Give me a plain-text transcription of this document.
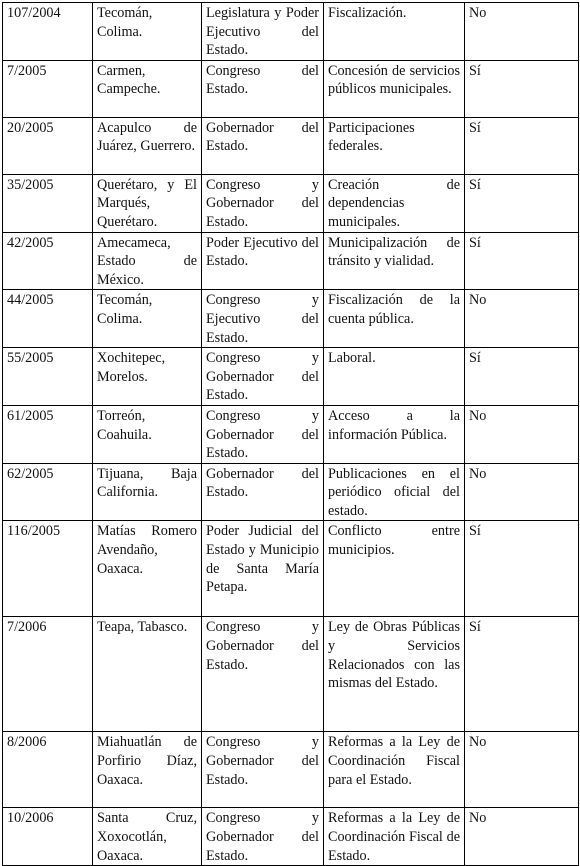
107/2004	Tecomán, Colima.	Legislatura y Poder Ejecutivo del Estado.	Fiscalización.	No
7/2005	Carmen, Campeche.	Congreso del Estado.	Concesión de servicios públicos municipales.	Sí
20/2005	Acapulco de Juárez, Guerrero.	Gobernador del Estado.	Participaciones federales.	Sí
35/2005	Querétaro, y El Marqués, Querétaro.	Congreso y Gobernador del Estado.	Creación de dependencias municipales.	Sí
42/2005	Amecameca, Estado de México.	Poder Ejecutivo del Estado.	Municipalización de tránsito y vialidad.	Sí
44/2005	Tecomán, Colima.	Congreso y Ejecutivo del Estado.	Fiscalización de la cuenta pública.	No
55/2005	Xochitepec, Morelos.	Congreso y Gobernador del Estado.	Laboral.	Sí
61/2005	Torreón, Coahuila.	Congreso y Gobernador del Estado.	Acceso a la información Pública.	No
62/2005	Tijuana, Baja California.	Gobernador del Estado.	Publicaciones en el periódico oficial del estado.	No
116/2005	Matías Romero Avendaño, Oaxaca.	Poder Judicial del Estado y Municipio de Santa María Petapa.	Conflicto entre municipios.	Sí
7/2006	Teapa, Tabasco.	Congreso y Gobernador del Estado.	Ley de Obras Públicas y Servicios Relacionados con las mismas del Estado.	Sí
8/2006	Miahuatlán de Porfirio Díaz, Oaxaca.	Congreso y Gobernador del Estado.	Reformas a la Ley de Coordinación Fiscal para el Estado.	No
10/2006	Santa Cruz, Xoxocotlán, Oaxaca.	Congreso y Gobernador del Estado.	Reformas a la Ley de Coordinación Fiscal de Estado.	No
